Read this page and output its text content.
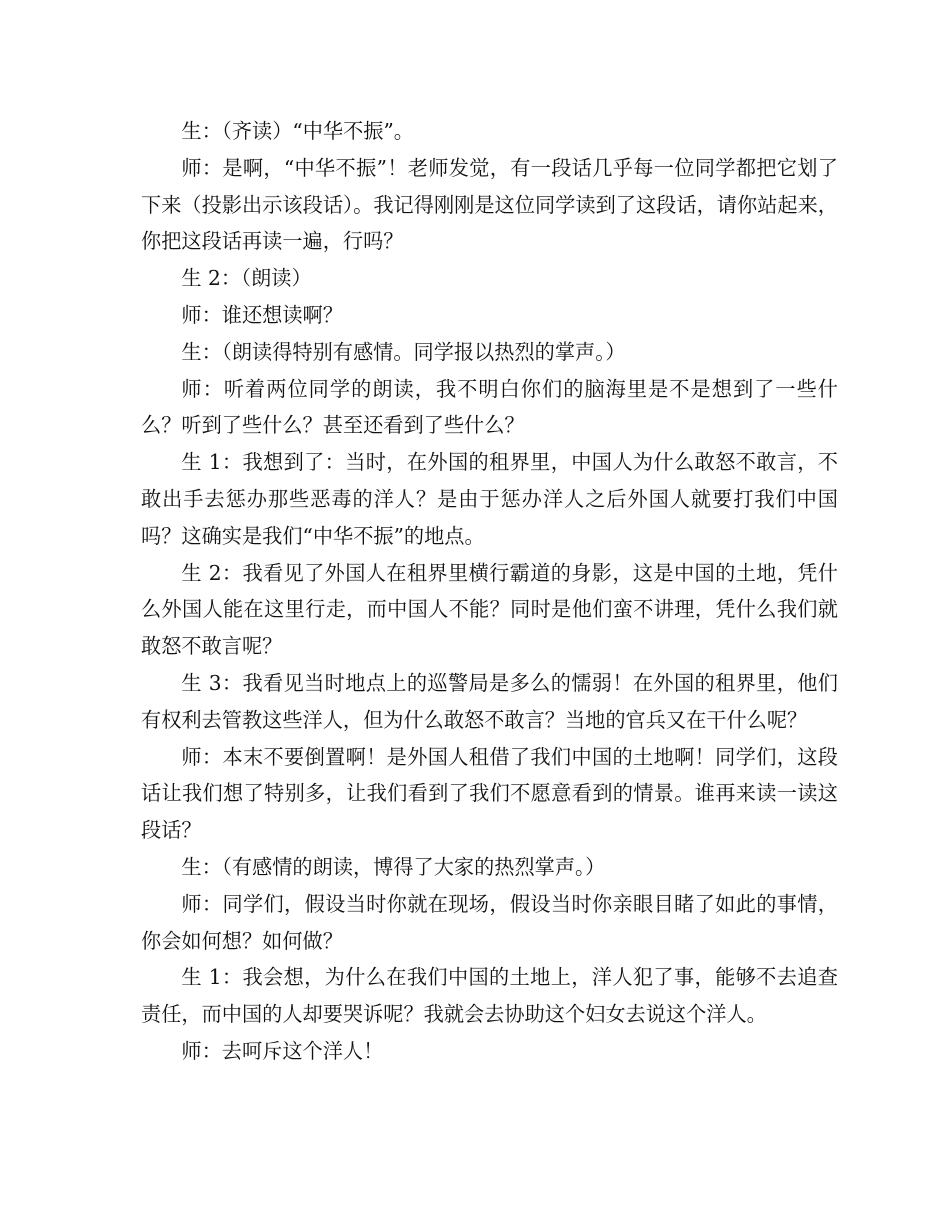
生：（齐读）“中华不振”。

师：是啊，“中华不振”！老师发觉，有一段话几乎每一位同学都把它划了下来（投影出示该段话）。我记得刚刚是这位同学读到了这段话，请你站起来，你把这段话再读一遍，行吗？

生 2：（朗读）

师：谁还想读啊？

生：（朗读得特别有感情。同学报以热烈的掌声。）

师：听着两位同学的朗读，我不明白你们的脑海里是不是想到了一些什么？听到了些什么？甚至还看到了些什么？

生 1：我想到了：当时，在外国的租界里，中国人为什么敢怒不敢言，不敢出手去惩办那些恶毒的洋人？是由于惩办洋人之后外国人就要打我们中国吗？这确实是我们“中华不振”的地点。

生 2：我看见了外国人在租界里横行霸道的身影，这是中国的土地，凭什么外国人能在这里行走，而中国人不能？同时是他们蛮不讲理，凭什么我们就敢怒不敢言呢？

生 3：我看见当时地点上的巡警局是多么的懦弱！在外国的租界里，他们有权利去管教这些洋人，但为什么敢怒不敢言？当地的官兵又在干什么呢？

师：本末不要倒置啊！是外国人租借了我们中国的土地啊！同学们，这段话让我们想了特别多，让我们看到了我们不愿意看到的情景。谁再来读一读这段话？

生：（有感情的朗读，博得了大家的热烈掌声。）

师：同学们，假设当时你就在现场，假设当时你亲眼目睹了如此的事情，你会如何想？如何做？

生 1：我会想，为什么在我们中国的土地上，洋人犯了事，能够不去追查责任，而中国的人却要哭诉呢？我就会去协助这个妇女去说这个洋人。

师：去呵斥这个洋人！
